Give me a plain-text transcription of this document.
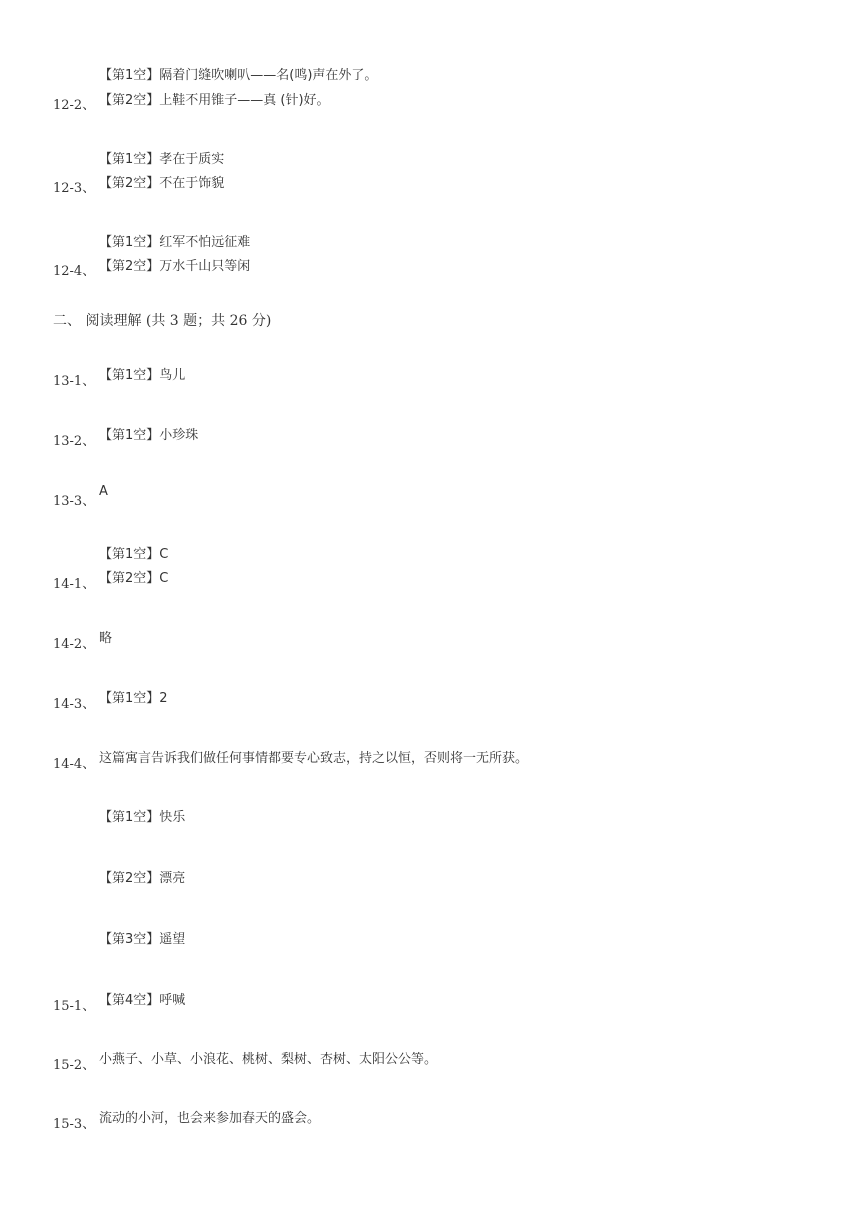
【第1空】隔着门缝吹喇叭——名(鸣)声在外了。
12-2、 【第2空】上鞋不用锥子——真 (针)好。
【第1空】孝在于质实
12-3、 【第2空】不在于饰貌
【第1空】红军不怕远征难
12-4、 【第2空】万水千山只等闲
二、 阅读理解 (共 3 题；共 26 分)
13-1、 【第1空】鸟儿
13-2、 【第1空】小珍珠
13-3、
A
【第1空】C
14-1、 【第2空】C
14-2、 略
14-3、 【第1空】2
14-4、 这篇寓言告诉我们做任何事情都要专心致志，持之以恒，否则将一无所获。
【第1空】快乐
【第2空】漂亮
【第3空】遥望
15-1、 【第4空】呼喊
15-2、 小燕子、小草、小浪花、桃树、梨树、杏树、太阳公公等。
15-3、 流动的小河，也会来参加春天的盛会。
